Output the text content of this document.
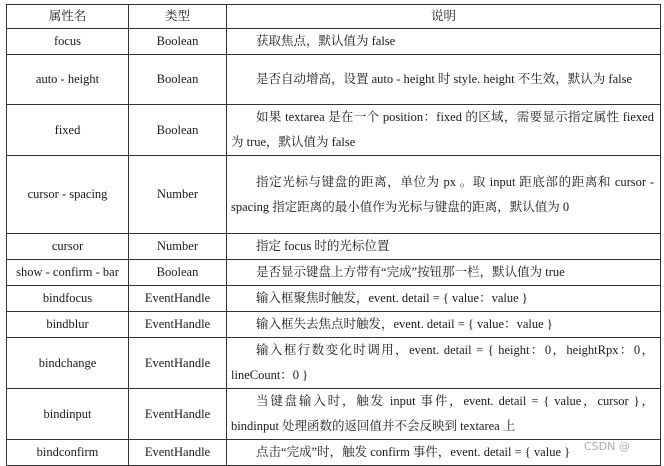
属性名	类型	说明
focus	Boolean	获取焦点，默认值为 false

auto - height	Boolean	是否自动增高，设置 auto - height 时 style. height 不生效，默认为 false

fixed	Boolean	如果 textarea 是在一个 position：fixed 的区域，需要显示指定属性 fiexed 为 true，默认值为 false

cursor - spacing	Number	指定光标与键盘的距离，单位为 px 。取 input 距底部的距离和 cursor - spacing 指定距离的最小值作为光标与键盘的距离，默认值为 0

cursor	Number	指定 focus 时的光标位置

show - confirm - bar	Boolean	是否显示键盘上方带有“完成”按钮那一栏，默认值为 true

bindfocus	EventHandle	输入框聚焦时触发，event. detail = { value：value }

bindblur	EventHandle	输入框失去焦点时触发，event. detail = { value：value }

bindchange	EventHandle	输入框行数变化时调用，event. detail = { height：0，heightRpx：0，lineCount：0 }

bindinput	EventHandle	当键盘输入时，触发 input 事件，event. detail = { value，cursor }，bindinput 处理函数的返回值并不会反映到 textarea 上

bindconfirm	EventHandle	点击“完成”时，触发 confirm 事件，event. detail = { value }	CSDN @
